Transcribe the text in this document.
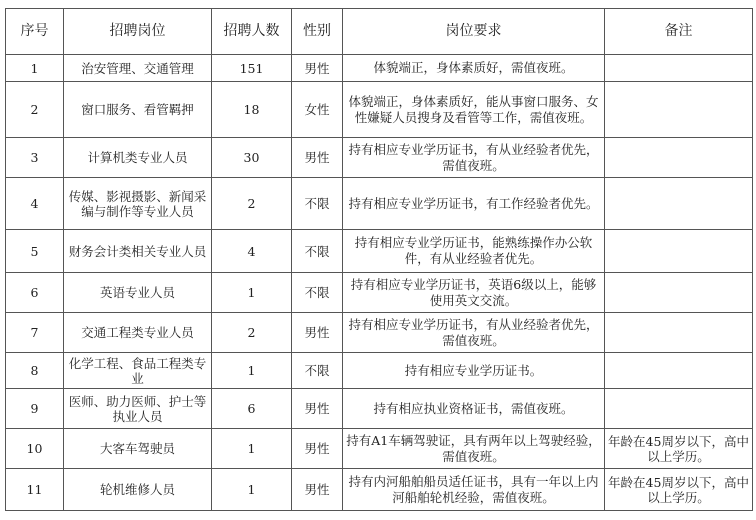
序号	招聘岗位	招聘人数	性别	岗位要求	备注
1	治安管理、交通管理	151	男性	体貌端正，身体素质好，需值夜班。	
2	窗口服务、看管羁押	18	女性	体貌端正，身体素质好，能从事窗口服务、女性嫌疑人员搜身及看管等工作，需值夜班。	
3	计算机类专业人员	30	男性	持有相应专业学历证书，有从业经验者优先，需值夜班。	
4	传媒、影视摄影、新闻采编与制作等专业人员	2	不限	持有相应专业学历证书，有工作经验者优先。	
5	财务会计类相关专业人员	4	不限	持有相应专业学历证书，能熟练操作办公软件，有从业经验者优先。	
6	英语专业人员	1	不限	持有相应专业学历证书，英语6级以上，能够使用英文交流。	
7	交通工程类专业人员	2	男性	持有相应专业学历证书，有从业经验者优先，需值夜班。	
8	化学工程、食品工程类专业	1	不限	持有相应专业学历证书。	
9	医师、助力医师、护士等执业人员	6	男性	持有相应执业资格证书，需值夜班。	
10	大客车驾驶员	1	男性	持有A1车辆驾驶证，具有两年以上驾驶经验，需值夜班。	年龄在45周岁以下，高中以上学历。
11	轮机维修人员	1	男性	持有内河船舶船员适任证书，具有一年以上内河船舶轮机经验，需值夜班。	年龄在45周岁以下，高中以上学历。
